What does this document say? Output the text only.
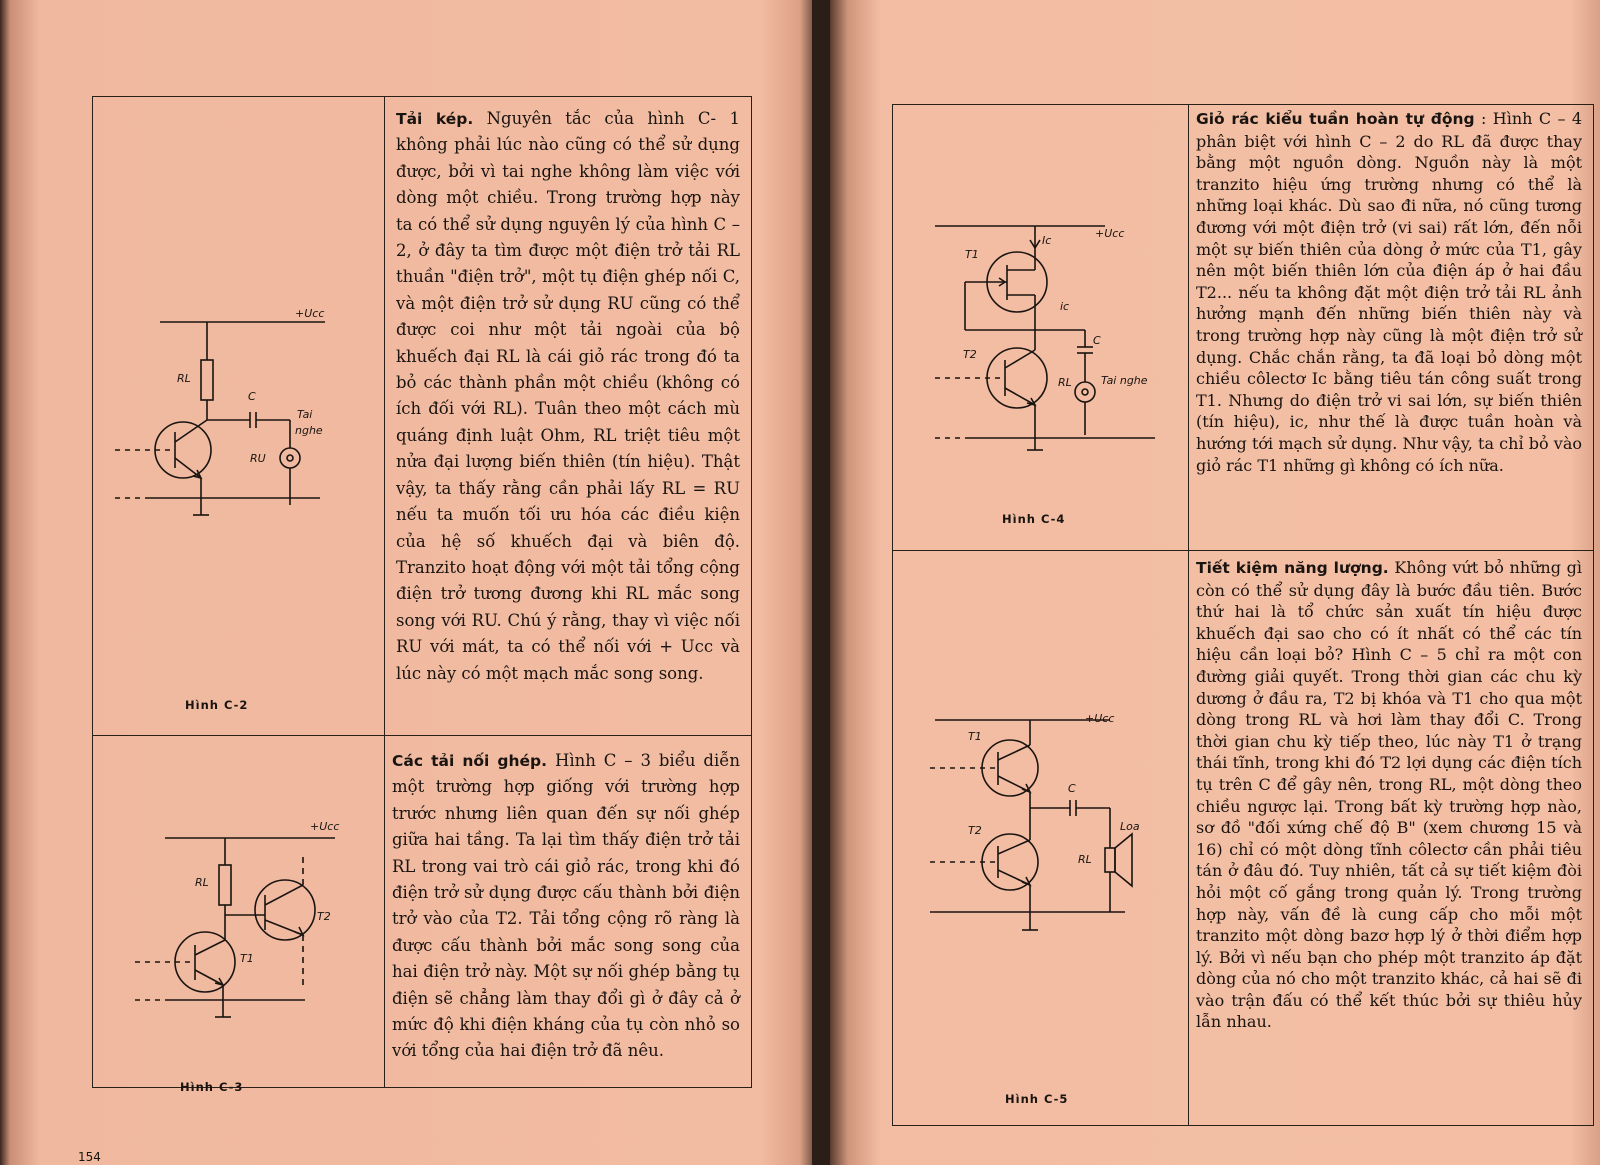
+Ucc
RL
C
Tai
nghe
RU
Hình C-2
Tải kép. Nguyên tắc của hình C- 1 không phải lúc nào cũng có thể sử dụng được, bởi vì tai nghe không làm việc với dòng một chiều. Trong trường hợp này ta có thể sử dụng nguyên lý của hình C – 2, ở đây ta tìm được một điện trở tải RL thuần "điện trở", một tụ điện ghép nối C, và một điện trở sử dụng RU cũng có thể được coi như một tải ngoài của bộ khuếch đại RL là cái giỏ rác trong đó ta bỏ các thành phần một chiều (không có ích đối với RL). Tuân theo một cách mù quáng định luật Ohm, RL triệt tiêu một nửa đại lượng biến thiên (tín hiệu). Thật vậy, ta thấy rằng cần phải lấy RL = RU nếu ta muốn tối ưu hóa các điều kiện của hệ số khuếch đại và biên độ. Tranzito hoạt động với một tải tổng cộng điện trở tương đương khi RL mắc song song với RU. Chú ý rằng, thay vì việc nối RU với mát, ta có thể nối với + Ucc và lúc này có một mạch mắc song song.
+Ucc
RL
T2
T1
Hình C-3
Các tải nối ghép. Hình C – 3 biểu diễn một trường hợp giống với trường hợp trước nhưng liên quan đến sự nối ghép giữa hai tầng. Ta lại tìm thấy điện trở tải RL trong vai trò cái giỏ rác, trong khi đó điện trở sử dụng được cấu thành bởi điện trở vào của T2. Tải tổng cộng rõ ràng là được cấu thành bởi mắc song song của hai điện trở này. Một sự nối ghép bằng tụ điện sẽ chẳng làm thay đổi gì ở đây cả ở mức độ khi điện kháng của tụ còn nhỏ so với tổng của hai điện trở đã nêu.
154
+Ucc
Ic
T1
ic
C
Tai nghe
RL
T2
Hình C-4
Giỏ rác kiểu tuần hoàn tự động : Hình C – 4 phân biệt với hình C – 2 do RL đã được thay bằng một nguồn dòng. Nguồn này là một tranzito hiệu ứng trường nhưng có thể là những loại khác. Dù sao đi nữa, nó cũng tương đương với một điện trở (vi sai) rất lớn, đến nỗi một sự biến thiên của dòng ở mức của T1, gây nên một biến thiên lớn của điện áp ở hai đầu T2... nếu ta không đặt một điện trở tải RL ảnh hưởng mạnh đến những biến thiên này và trong trường hợp này cũng là một điện trở sử dụng. Chắc chắn rằng, ta đã loại bỏ dòng một chiều côlectơ Ic bằng tiêu tán công suất trong T1. Nhưng do điện trở vi sai lớn, sự biến thiên (tín hiệu), ic, như thế là được tuần hoàn và hướng tới mạch sử dụng. Như vậy, ta chỉ bỏ vào giỏ rác T1 những gì không có ích nữa.
+Ucc
T1
C
Loa
RL
T2
Hình C-5
Tiết kiệm năng lượng. Không vứt bỏ những gì còn có thể sử dụng đây là bước đầu tiên. Bước thứ hai là tổ chức sản xuất tín hiệu được khuếch đại sao cho có ít nhất có thể các tín hiệu cần loại bỏ? Hình C – 5 chỉ ra một con đường giải quyết. Trong thời gian các chu kỳ dương ở đầu ra, T2 bị khóa và T1 cho qua một dòng trong RL và hơi làm thay đổi C. Trong thời gian chu kỳ tiếp theo, lúc này T1 ở trạng thái tĩnh, trong khi đó T2 lợi dụng các điện tích tụ trên C để gây nên, trong RL, một dòng theo chiều ngược lại. Trong bất kỳ trường hợp nào, sơ đồ "đối xứng chế độ B" (xem chương 15 và 16) chỉ có một dòng tĩnh côlectơ cần phải tiêu tán ở đâu đó. Tuy nhiên, tất cả sự tiết kiệm đòi hỏi một cố gắng trong quản lý. Trong trường hợp này, vấn đề là cung cấp cho mỗi một tranzito một dòng bazơ hợp lý ở thời điểm hợp lý. Bởi vì nếu bạn cho phép một tranzito áp đặt dòng của nó cho một tranzito khác, cả hai sẽ đi vào trận đấu có thể kết thúc bởi sự thiêu hủy lẫn nhau.
